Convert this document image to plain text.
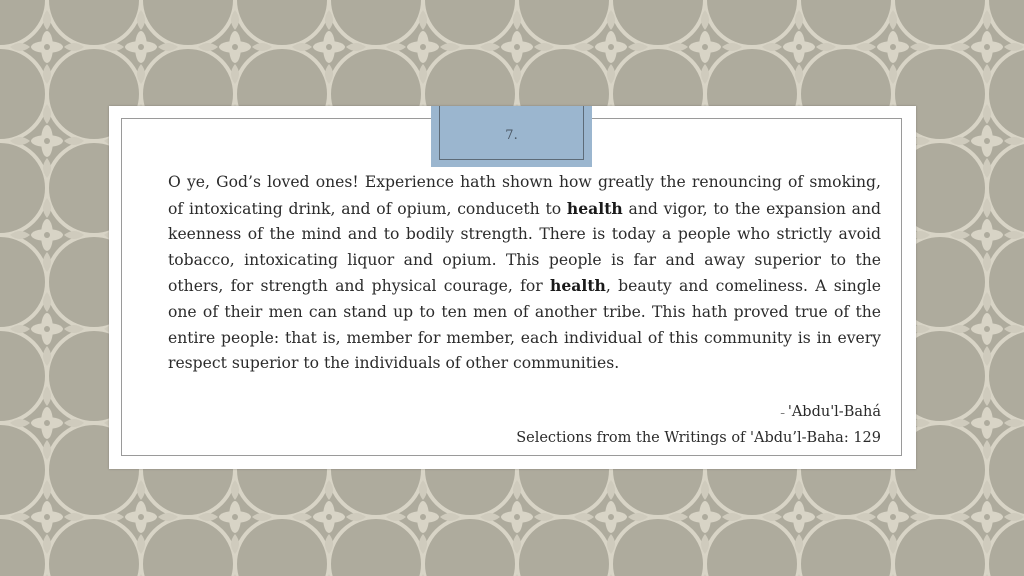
7.

O ye, God’s loved ones! Experience hath shown how greatly the renouncing of smoking, of intoxicating drink, and of opium, conduceth to health and vigor, to the expansion and keenness of the mind and to bodily strength. There is today a people who strictly avoid tobacco, intoxicating liquor and opium. This people is far and away superior to the others, for strength and physical courage, for health, beauty and comeliness. A single one of their men can stand up to ten men of another tribe. This hath proved true of the entire people: that is, member for member, each individual of this community is in every respect superior to the individuals of other communities.

– 'Abdu'l-Bahá
Selections from the Writings of 'Abdu’l-Baha: 129
